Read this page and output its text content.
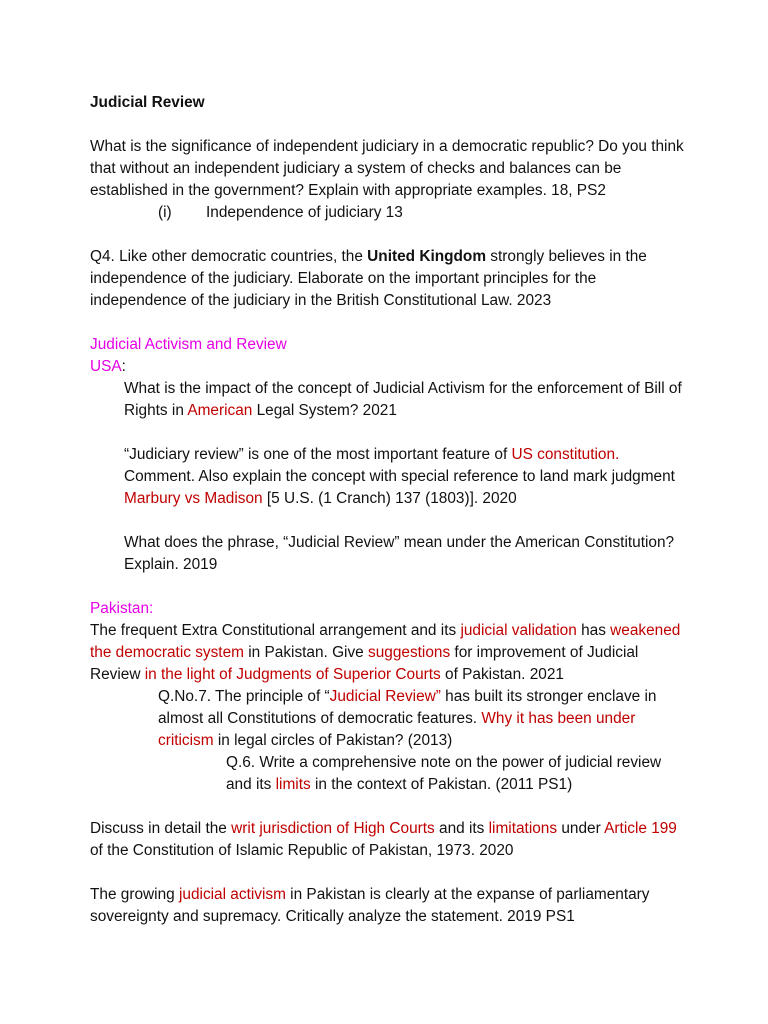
Judicial Review

What is the significance of independent judiciary in a democratic republic? Do you think that without an independent judiciary a system of checks and balances can be established in the government? Explain with appropriate examples. 18, PS2

(i) Independence of judiciary 13

Q4. Like other democratic countries, the United Kingdom strongly believes in the independence of the judiciary. Elaborate on the important principles for the independence of the judiciary in the British Constitutional Law. 2023

Judicial Activism and Review

USA:

What is the impact of the concept of Judicial Activism for the enforcement of Bill of Rights in American Legal System? 2021

“Judiciary review” is one of the most important feature of US constitution. Comment. Also explain the concept with special reference to land mark judgment Marbury vs Madison [5 U.S. (1 Cranch) 137 (1803)]. 2020

What does the phrase, “Judicial Review” mean under the American Constitution? Explain. 2019

Pakistan:

The frequent Extra Constitutional arrangement and its judicial validation has weakened the democratic system in Pakistan. Give suggestions for improvement of Judicial Review in the light of Judgments of Superior Courts of Pakistan. 2021

Q.No.7. The principle of “Judicial Review” has built its stronger enclave in almost all Constitutions of democratic features. Why it has been under criticism in legal circles of Pakistan? (2013)

Q.6. Write a comprehensive note on the power of judicial review and its limits in the context of Pakistan. (2011 PS1)

Discuss in detail the writ jurisdiction of High Courts and its limitations under Article 199 of the Constitution of Islamic Republic of Pakistan, 1973. 2020

The growing judicial activism in Pakistan is clearly at the expanse of parliamentary sovereignty and supremacy. Critically analyze the statement. 2019 PS1
